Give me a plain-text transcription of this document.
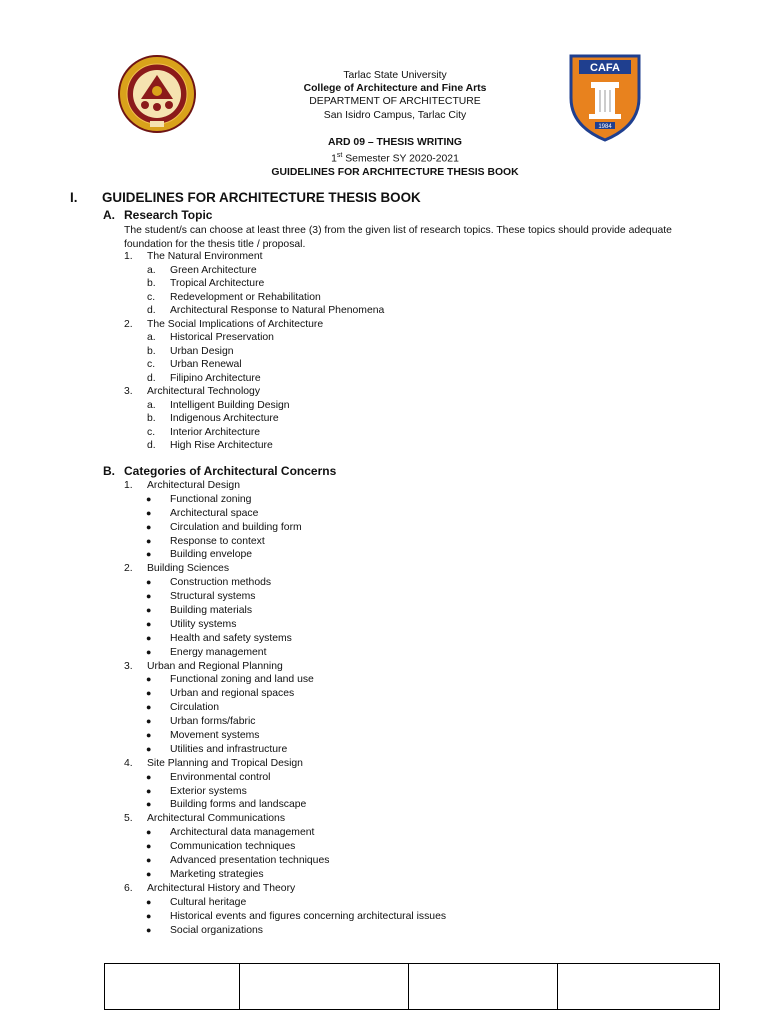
Tarlac State University
College of Architecture and Fine Arts
DEPARTMENT OF ARCHITECTURE
San Isidro Campus, Tarlac City
ARD 09 – THESIS WRITING
1st Semester SY 2020-2021
GUIDELINES FOR ARCHITECTURE THESIS BOOK
CAFA
1984
I. GUIDELINES FOR ARCHITECTURE THESIS BOOK
A. Research Topic

The student/s can choose at least three (3) from the given list of research topics. These topics should provide adequate foundation for the thesis title / proposal.

1. The Natural Environment
a. Green Architecture
b. Tropical Architecture
c. Redevelopment or Rehabilitation
d. Architectural Response to Natural Phenomena
2. The Social Implications of Architecture
a. Historical Preservation
b. Urban Design
c. Urban Renewal
d. Filipino Architecture
3. Architectural Technology
a. Intelligent Building Design
b. Indigenous Architecture
c. Interior Architecture
d. High Rise Architecture
B. Categories of Architectural Concerns
1. Architectural Design
● Functional zoning
● Architectural space
● Circulation and building form
● Response to context
● Building envelope
2. Building Sciences
● Construction methods
● Structural systems
● Building materials
● Utility systems
● Health and safety systems
● Energy management
3. Urban and Regional Planning
● Functional zoning and land use
● Urban and regional spaces
● Circulation
● Urban forms/fabric
● Movement systems
● Utilities and infrastructure
4. Site Planning and Tropical Design
● Environmental control
● Exterior systems
● Building forms and landscape
5. Architectural Communications
● Architectural data management
● Communication techniques
● Advanced presentation techniques
● Marketing strategies
6. Architectural History and Theory
● Cultural heritage
● Historical events and figures concerning architectural issues
● Social organizations
